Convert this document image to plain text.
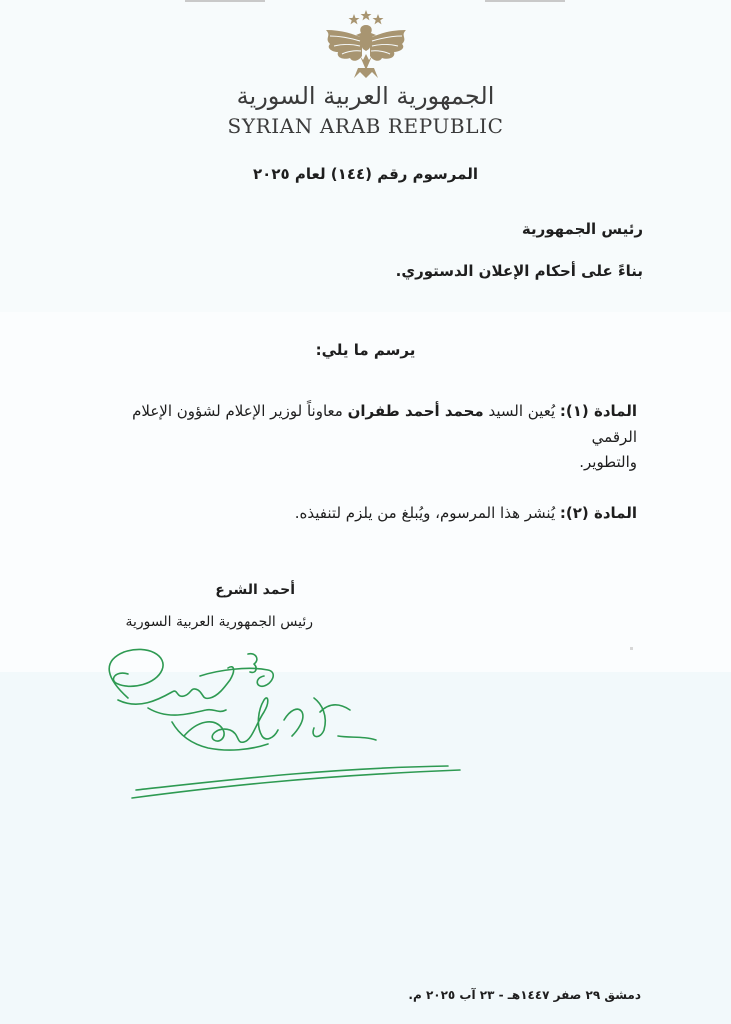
الجمهورية العربية السورية
SYRIAN ARAB REPUBLIC
المرسوم رقم (١٤٤) لعام ٢٠٢٥
رئيس الجمهورية
بناءً على أحكام الإعلان الدستوري.
يرسم ما يلي:
المادة (١): يُعين السيد محمد أحمد طفران معاوناً لوزير الإعلام لشؤون الإعلام الرقمي
والتطوير.
المادة (٢): يُنشر هذا المرسوم، ويُبلغ من يلزم لتنفيذه.
أحمد الشرع
رئيس الجمهورية العربية السورية
دمشق ٢٩ صفر ١٤٤٧هـ - ٢٣ آب ٢٠٢٥ م.
